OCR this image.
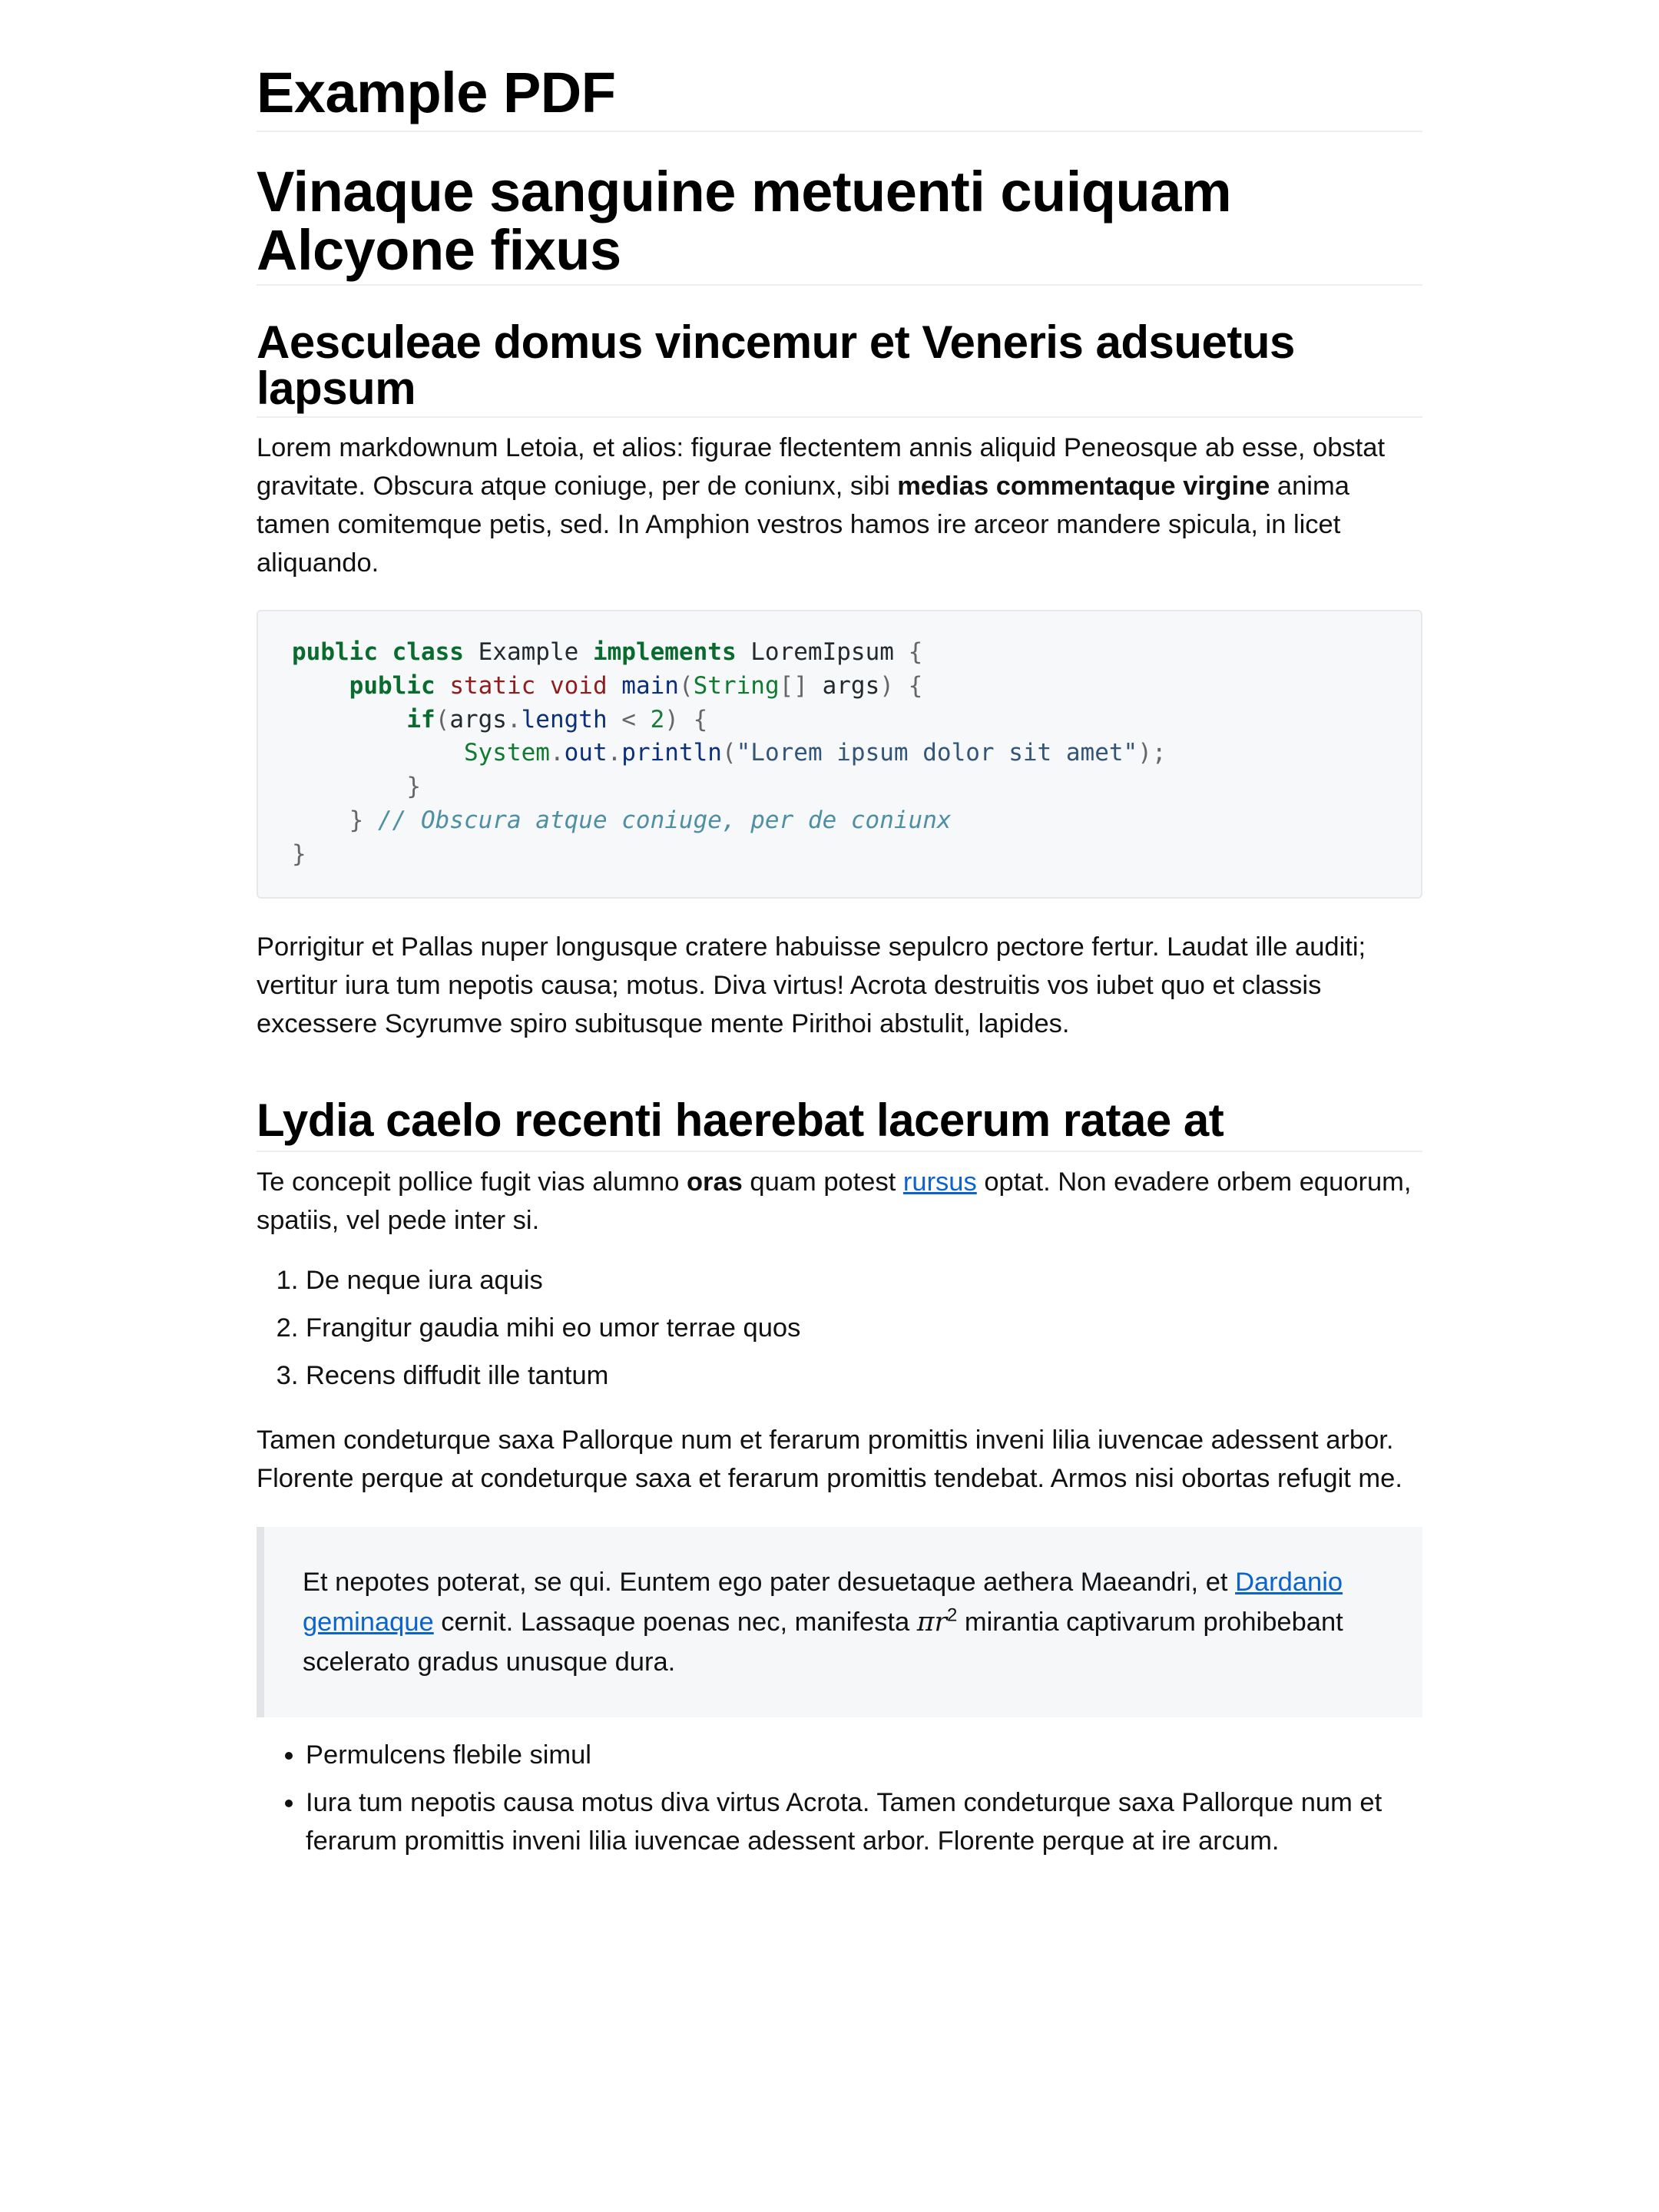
Example PDF
Vinaque sanguine metuenti cuiquam Alcyone fixus
Aesculeae domus vincemur et Veneris adsuetus lapsum

Lorem markdownum Letoia, et alios: figurae flectentem annis aliquid Peneosque ab esse, obstat gravitate. Obscura atque coniuge, per de coniunx, sibi medias commentaque virgine anima tamen comitemque petis, sed. In Amphion vestros hamos ire arceor mandere spicula, in licet aliquando.

public class Example implements LoremIpsum {
public static void main(String[] args) {
if(args.length < 2) {
System.out.println("Lorem ipsum dolor sit amet");
}
} // Obscura atque coniuge, per de coniunx
}

Porrigitur et Pallas nuper longusque cratere habuisse sepulcro pectore fertur. Laudat ille auditi; vertitur iura tum nepotis causa; motus. Diva virtus! Acrota destruitis vos iubet quo et classis excessere Scyrumve spiro subitusque mente Pirithoi abstulit, lapides.

Lydia caelo recenti haerebat lacerum ratae at

Te concepit pollice fugit vias alumno oras quam potest rursus optat. Non evadere orbem equorum, spatiis, vel pede inter si.

1. De neque iura aquis
2. Frangitur gaudia mihi eo umor terrae quos
3. Recens diffudit ille tantum

Tamen condeturque saxa Pallorque num et ferarum promittis inveni lilia iuvencae adessent arbor. Florente perque at condeturque saxa et ferarum promittis tendebat. Armos nisi obortas refugit me.

Et nepotes poterat, se qui. Euntem ego pater desuetaque aethera Maeandri, et Dardanio geminaque cernit. Lassaque poenas nec, manifesta $\pi r^2$ mirantia captivarum prohibebant scelerato gradus unusque dura.

• Permulcens flebile simul
• Iura tum nepotis causa motus diva virtus Acrota. Tamen condeturque saxa Pallorque num et ferarum promittis inveni lilia iuvencae adessent arbor. Florente perque at ire arcum.
